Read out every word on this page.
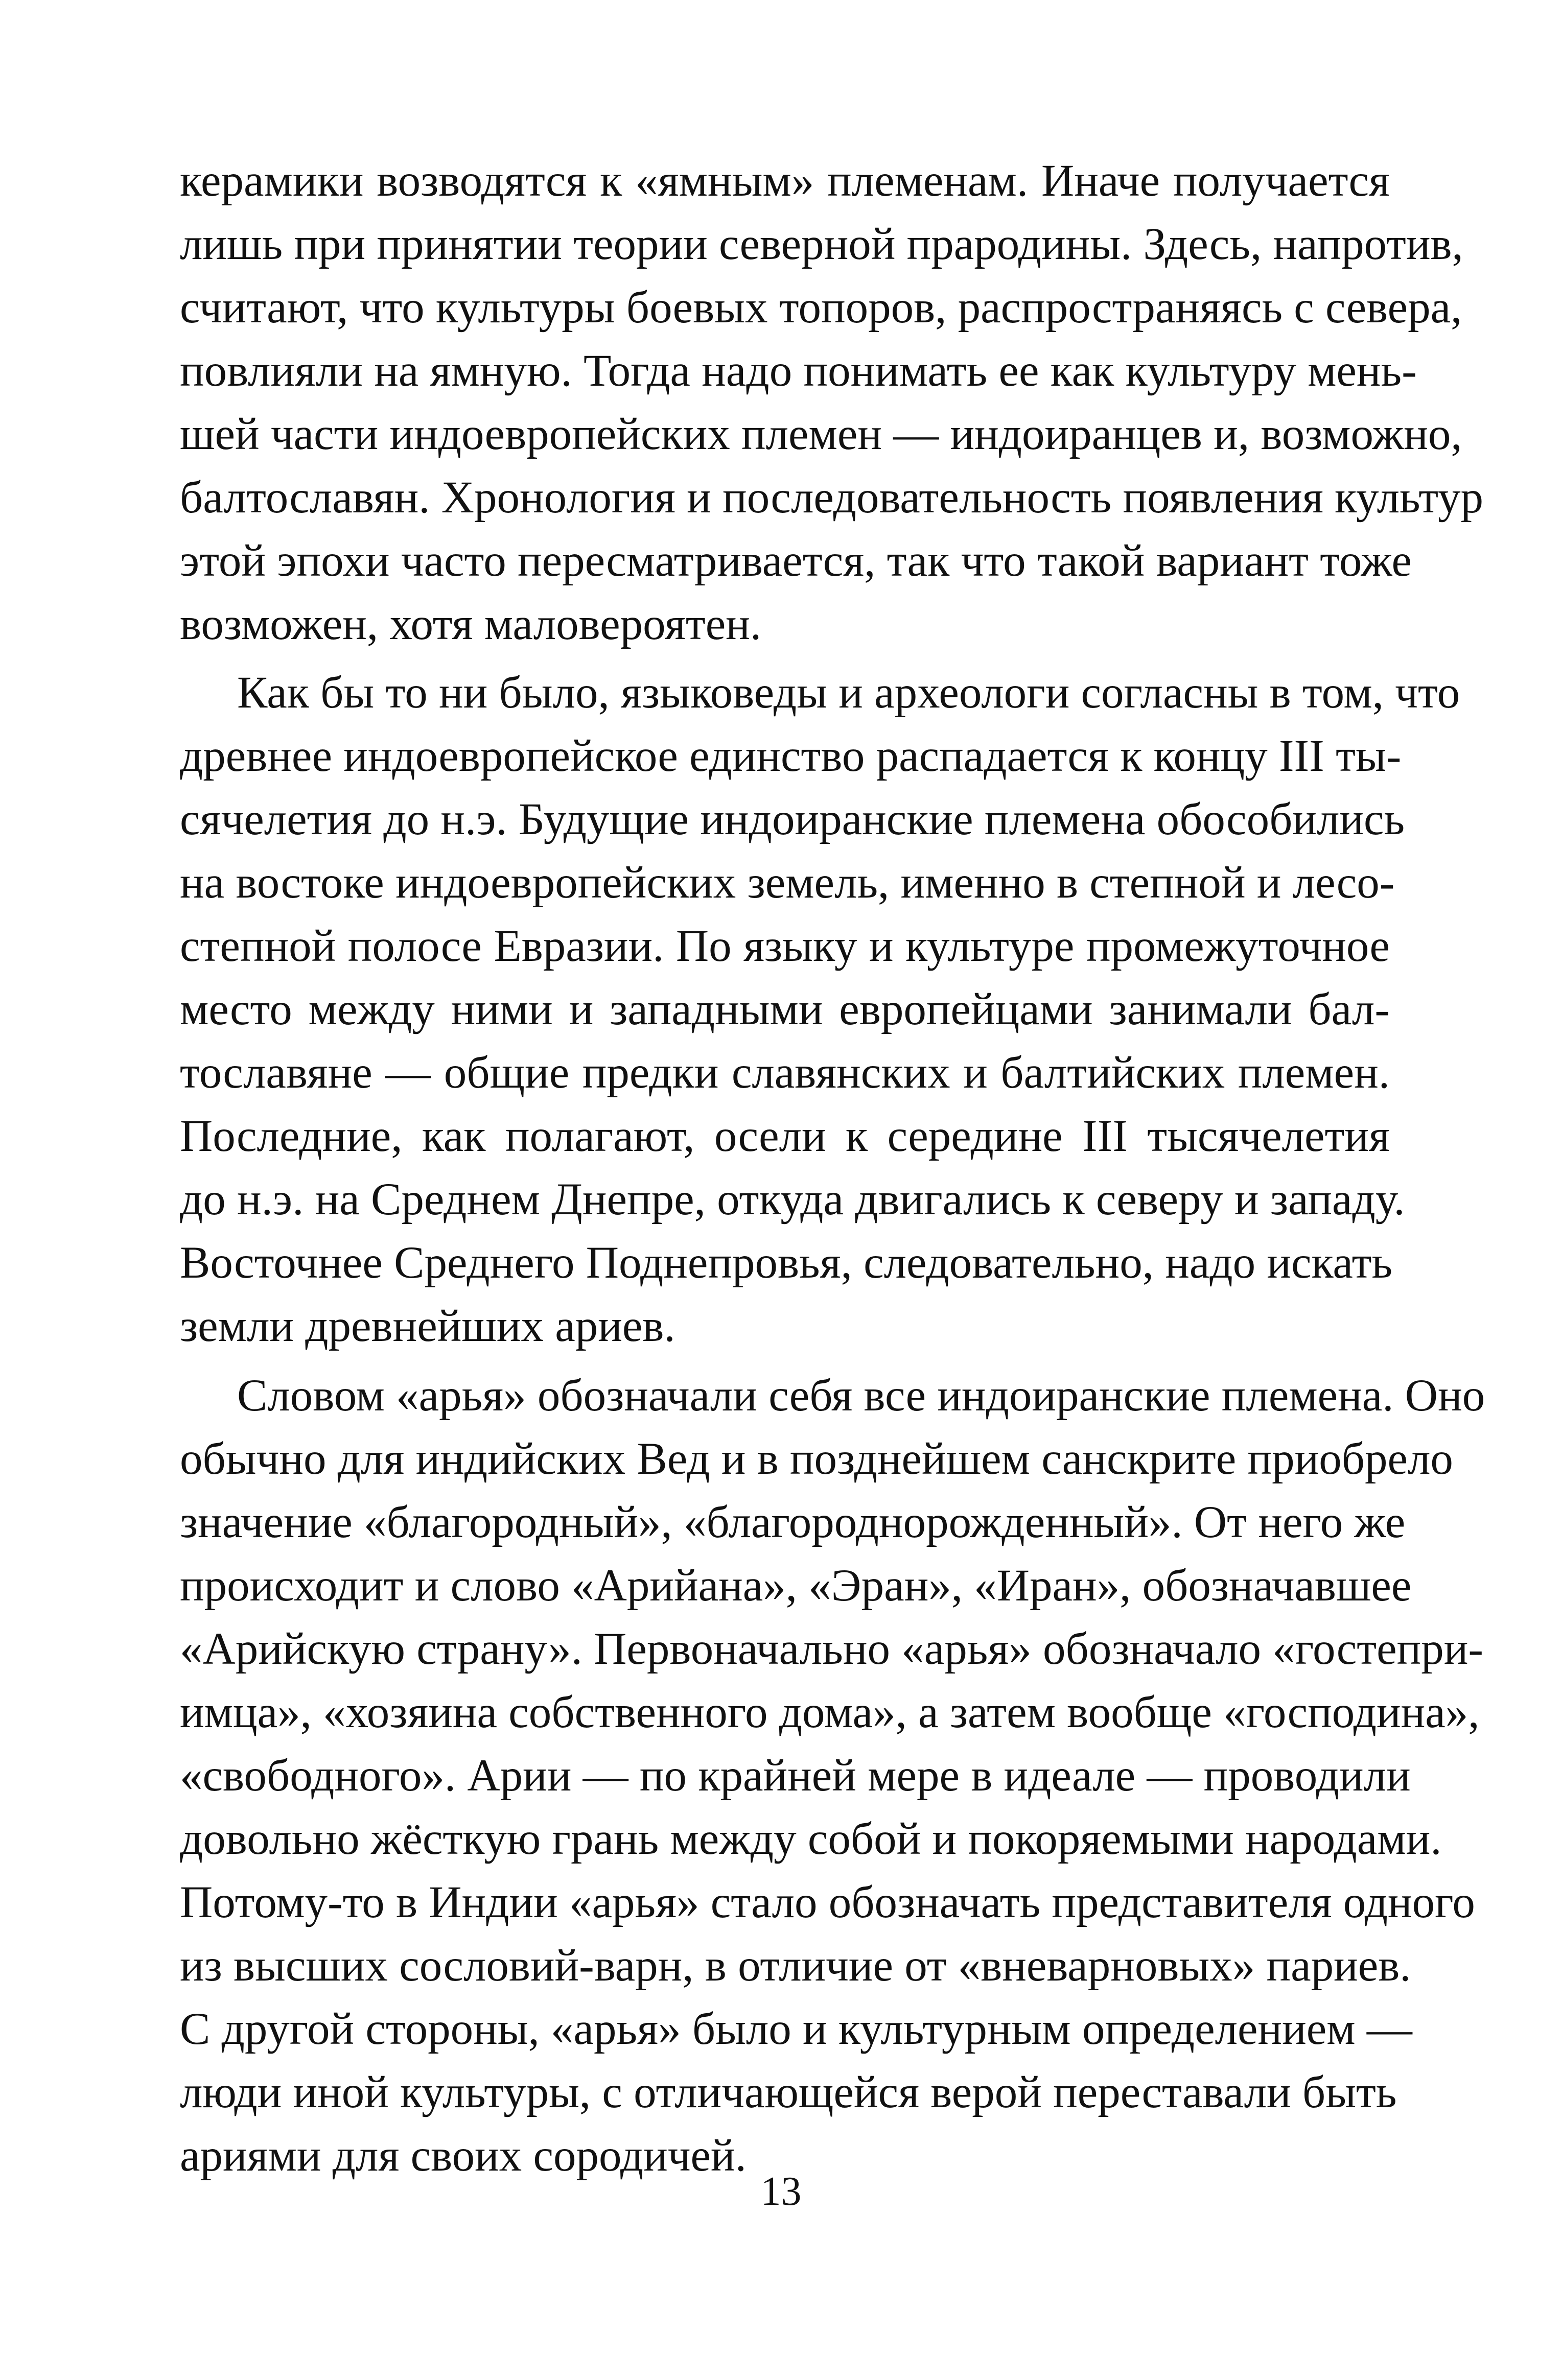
керамики возводятся к «ямным» племенам. Иначе получается
лишь при принятии теории северной прародины. Здесь, напротив,
считают, что культуры боевых топоров, распространяясь с севера,
повлияли на ямную. Тогда надо понимать ее как культуру мень-
шей части индоевропейских племен — индоиранцев и, возможно,
балтославян. Хронология и последовательность появления культур
этой эпохи часто пересматривается, так что такой вариант тоже
возможен, хотя маловероятен.
Как бы то ни было, языковеды и археологи согласны в том, что
древнее индоевропейское единство распадается к концу III ты-
сячелетия до н.э. Будущие индоиранские племена обособились
на востоке индоевропейских земель, именно в степной и лесо-
степной полосе Евразии. По языку и культуре промежуточное
место между ними и западными европейцами занимали бал-
тославяне — общие предки славянских и балтийских племен.
Последние, как полагают, осели к середине III тысячелетия
до н.э. на Среднем Днепре, откуда двигались к северу и западу.
Восточнее Среднего Поднепровья, следовательно, надо искать
земли древнейших ариев.
Словом «арья» обозначали себя все индоиранские племена. Оно
обычно для индийских Вед и в позднейшем санскрите приобрело
значение «благородный», «благороднорожденный». От него же
происходит и слово «Арийана», «Эран», «Иран», обозначавшее
«Арийскую страну». Первоначально «арья» обозначало «гостепри-
имца», «хозяина собственного дома», а затем вообще «господина»,
«свободного». Арии — по крайней мере в идеале — проводили
довольно жёсткую грань между собой и покоряемыми народами.
Потому-то в Индии «арья» стало обозначать представителя одного
из высших сословий-варн, в отличие от «вневарновых» париев.
С другой стороны, «арья» было и культурным определением —
люди иной культуры, с отличающейся верой переставали быть
ариями для своих сородичей.
13
